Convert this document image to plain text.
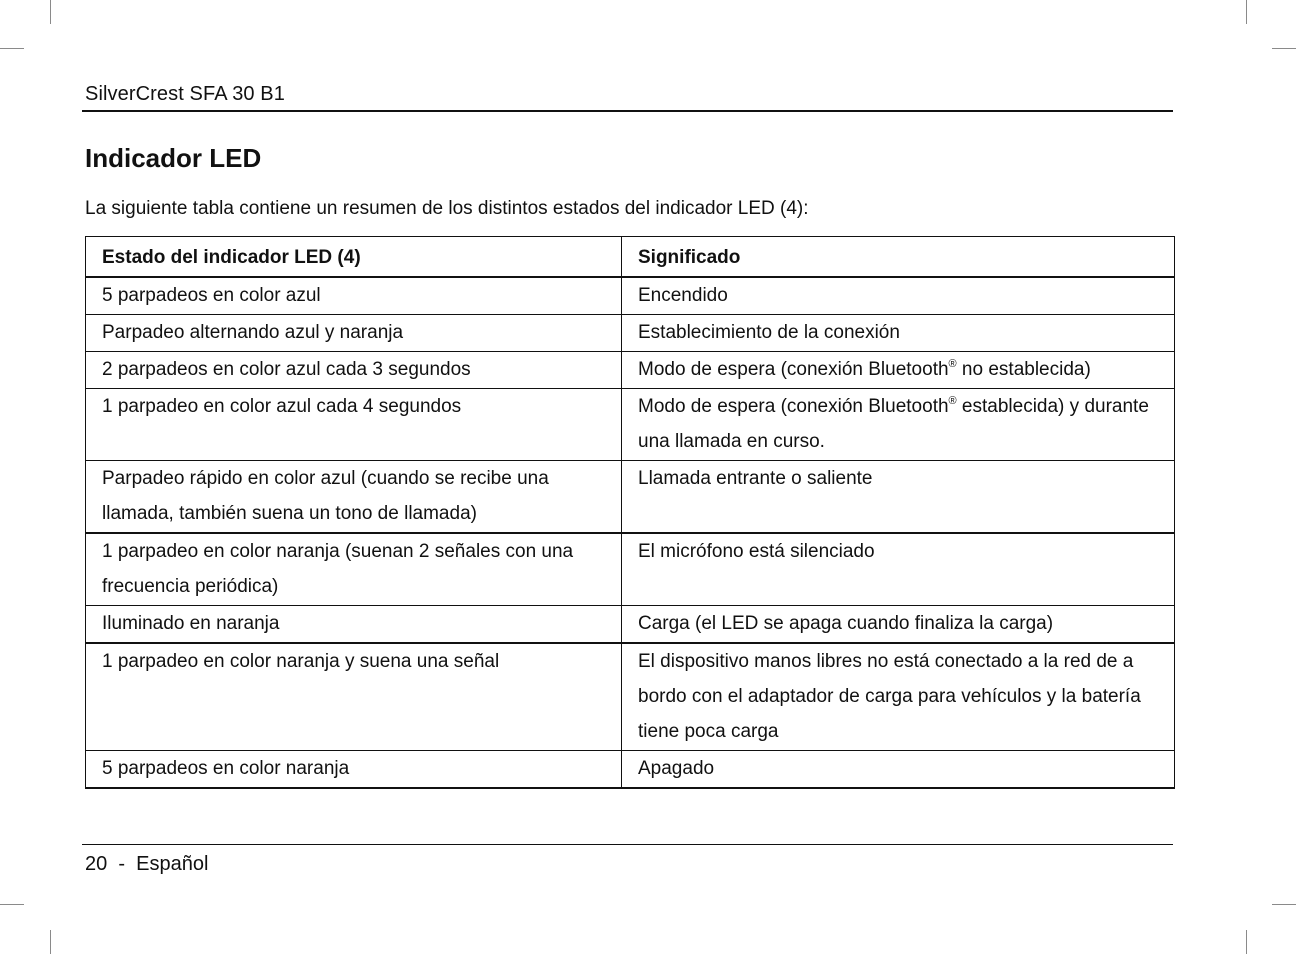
SilverCrest SFA 30 B1
Indicador LED

La siguiente tabla contiene un resumen de los distintos estados del indicador LED (4):

Estado del indicador LED (4)	Significado
5 parpadeos en color azul	Encendido
Parpadeo alternando azul y naranja	Establecimiento de la conexión
2 parpadeos en color azul cada 3 segundos	Modo de espera (conexión Bluetooth® no establecida)
1 parpadeo en color azul cada 4 segundos	Modo de espera (conexión Bluetooth® establecida) y durante una llamada en curso.
Parpadeo rápido en color azul (cuando se recibe una llamada, también suena un tono de llamada)	Llamada entrante o saliente
1 parpadeo en color naranja (suenan 2 señales con una frecuencia periódica)	El micrófono está silenciado
Iluminado en naranja	Carga (el LED se apaga cuando finaliza la carga)
1 parpadeo en color naranja y suena una señal	El dispositivo manos libres no está conectado a la red de a bordo con el adaptador de carga para vehículos y la batería tiene poca carga
5 parpadeos en color naranja	Apagado
20  -  Español
